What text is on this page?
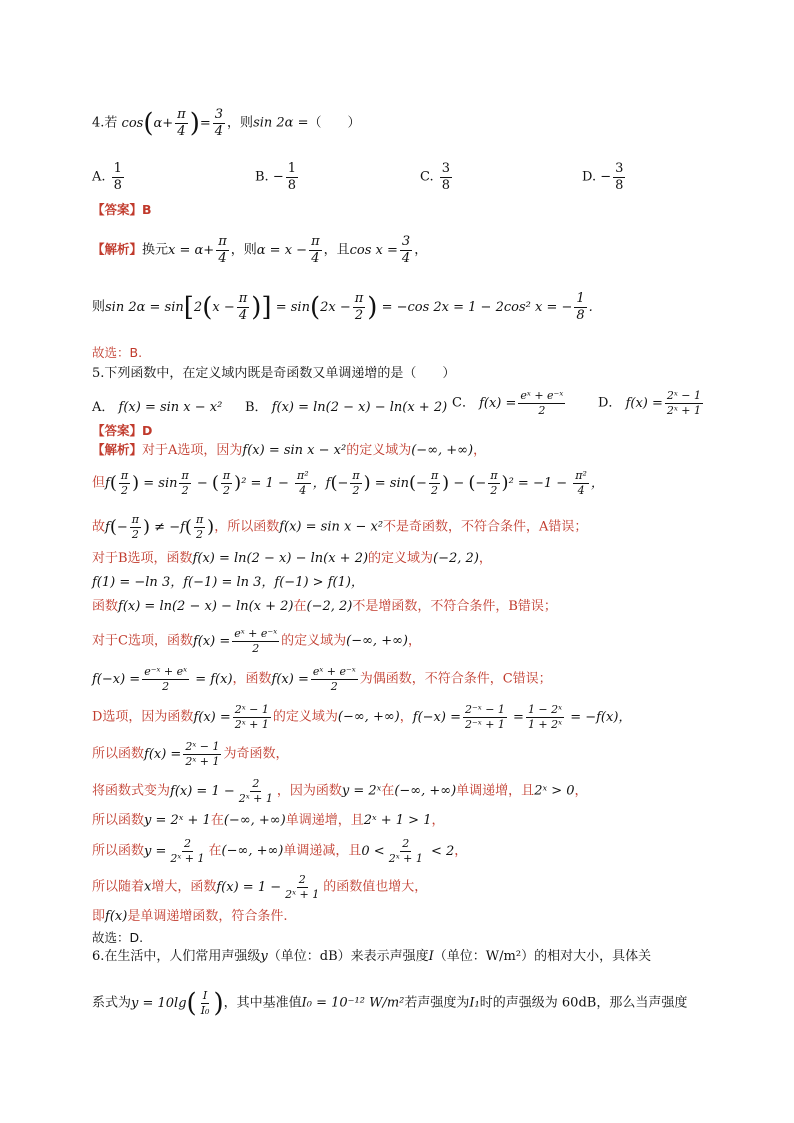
4.若 $\cos(\alpha+ \frac{\pi}{4}$ )= $\frac{3}{4}$ ，则sin 2α =（　　）
A. $\frac{1}{8}$	B. − $\frac{1}{8}$	C. $\frac{3}{8}$	D. − $\frac{3}{8}$
【答案】B
【解析】换元$x = \alpha+ \frac{\pi}{4}$ ，则$\alpha = x - \frac{\pi}{4}$ ，且$\cos x = \frac{3}{4}$ ，
则$\sin 2\alpha = \sin[2(x - \frac{\pi}{4}$ )] = $\sin(2x - \frac{\pi}{2}$ ) = −cos 2x = 1 − 2cos² x = − $\frac{1}{8}$ .
故选：B.
5.下列函数中，在定义域内既是奇函数又单调递增的是（　　）
A． f(x) = sin x − x² B． f(x) = ln(2 − x) − ln(x + 2) C． $f(x) = \frac{\text{eˣ + e⁻ˣ}}{2}$	D． $f(x) = \frac{\text{2ˣ − 1}}{\text{2ˣ + 1}}$
【答案】D
【解析】对于A选项，因为f(x) = sin x − x²的定义域为(−∞, +∞)，
但$f( \frac{\pi}{2}$ ) = $\sin \frac{\pi}{2}$ − ( $\frac{\pi}{2} )^2 = 1 - \frac{\text{π²}}{4}$ ，$f(- \frac{\pi}{2}$ ) = $\sin(- \frac{\pi}{2}$ ) − (− $\frac{\pi}{2} )^2 = -1 - \frac{\text{π²}}{4}$ ，
故$f(- \frac{\pi}{2}$ ) ≠ $-f( \frac{\pi}{2}$ )，所以函数f(x) = sin x − x²不是奇函数，不符合条件，A错误；
对于B选项，函数f(x) = ln(2 − x) − ln(x + 2)的定义域为(−2, 2)，
f(1) = −ln 3，f(−1) = ln 3，f(−1) > f(1)，
函数f(x) = ln(2 − x) − ln(x + 2)在(−2, 2)不是增函数，不符合条件，B错误；
对于C选项，函数$f(x) = \frac{\text{eˣ + e⁻ˣ}}{2}$ 的定义域为(−∞, +∞)，
$f(-x) = \frac{\text{e⁻ˣ + eˣ}}{2} = f(x)$，函数$f(x) = \frac{\text{eˣ + e⁻ˣ}}{2}$ 为偶函数，不符合条件，C错误；
D选项，因为函数$f(x) = \frac{\text{2ˣ − 1}}{\text{2ˣ + 1}}$ 的定义域为(−∞, +∞)，$f(-x) = \frac{\text{2⁻ˣ − 1}}{\text{2⁻ˣ + 1}} = \frac{\text{1 − 2ˣ}}{\text{1 + 2ˣ}} = -f(x)$，
所以函数$f(x) = \frac{\text{2ˣ − 1}}{\text{2ˣ + 1}}$ 为奇函数，
将函数式变为$f(x) = 1 - \frac{2}{\text{2ˣ + 1}}$ ，因为函数y = 2ˣ在(−∞, +∞)单调递增，且2ˣ > 0，
所以函数y = 2ˣ + 1在(−∞, +∞)单调递增，且2ˣ + 1 > 1，
所以函数$y = \frac{2}{\text{2ˣ + 1}}$ 在(−∞, +∞)单调递减，且$0 < \frac{2}{\text{2ˣ + 1}} < 2$，
所以随着x增大，函数$f(x) = 1 - \frac{2}{\text{2ˣ + 1}}$ 的函数值也增大，
即f(x)是单调递增函数，符合条件.
故选：D.
6.在生活中，人们常用声强级y（单位：dB）来表示声强度I（单位：W/m²）的相对大小，具体关
系式为$y = 10\lg( \frac{I}{\text{I₀}}$ )，其中基准值I₀ = 10⁻¹² W/m²若声强度为I₁时的声强级为 60dB，那么当声强度
